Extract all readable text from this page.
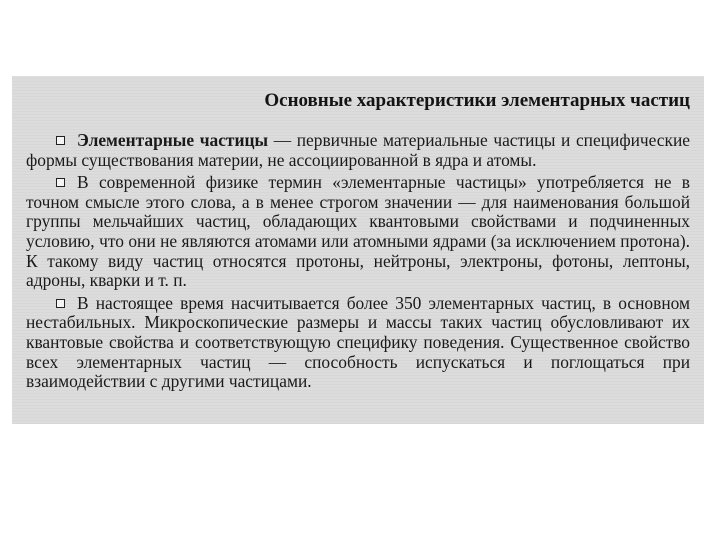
Основные характеристики элементарных частиц

Элементарные частицы — первичные материальные частицы и специфические формы существования материи, не ассоциированной в ядра и атомы.

В современной физике термин «элементарные частицы» употребляется не в точном смысле этого слова, а в менее строгом значении — для наименования большой группы мельчайших частиц, обладающих квантовыми свойствами и подчиненных условию, что они не являются атомами или атомными ядрами (за исключением протона). К такому виду частиц относятся протоны, нейтроны, электроны, фотоны, лептоны, адроны, кварки и т. п.

В настоящее время насчитывается более 350 элементарных частиц, в основном нестабильных. Микроскопические размеры и массы таких частиц обусловливают их квантовые свойства и соответствующую специфику поведения. Существенное свойство всех элементарных частиц — способность испускаться и поглощаться при взаимодействии с другими частицами.
